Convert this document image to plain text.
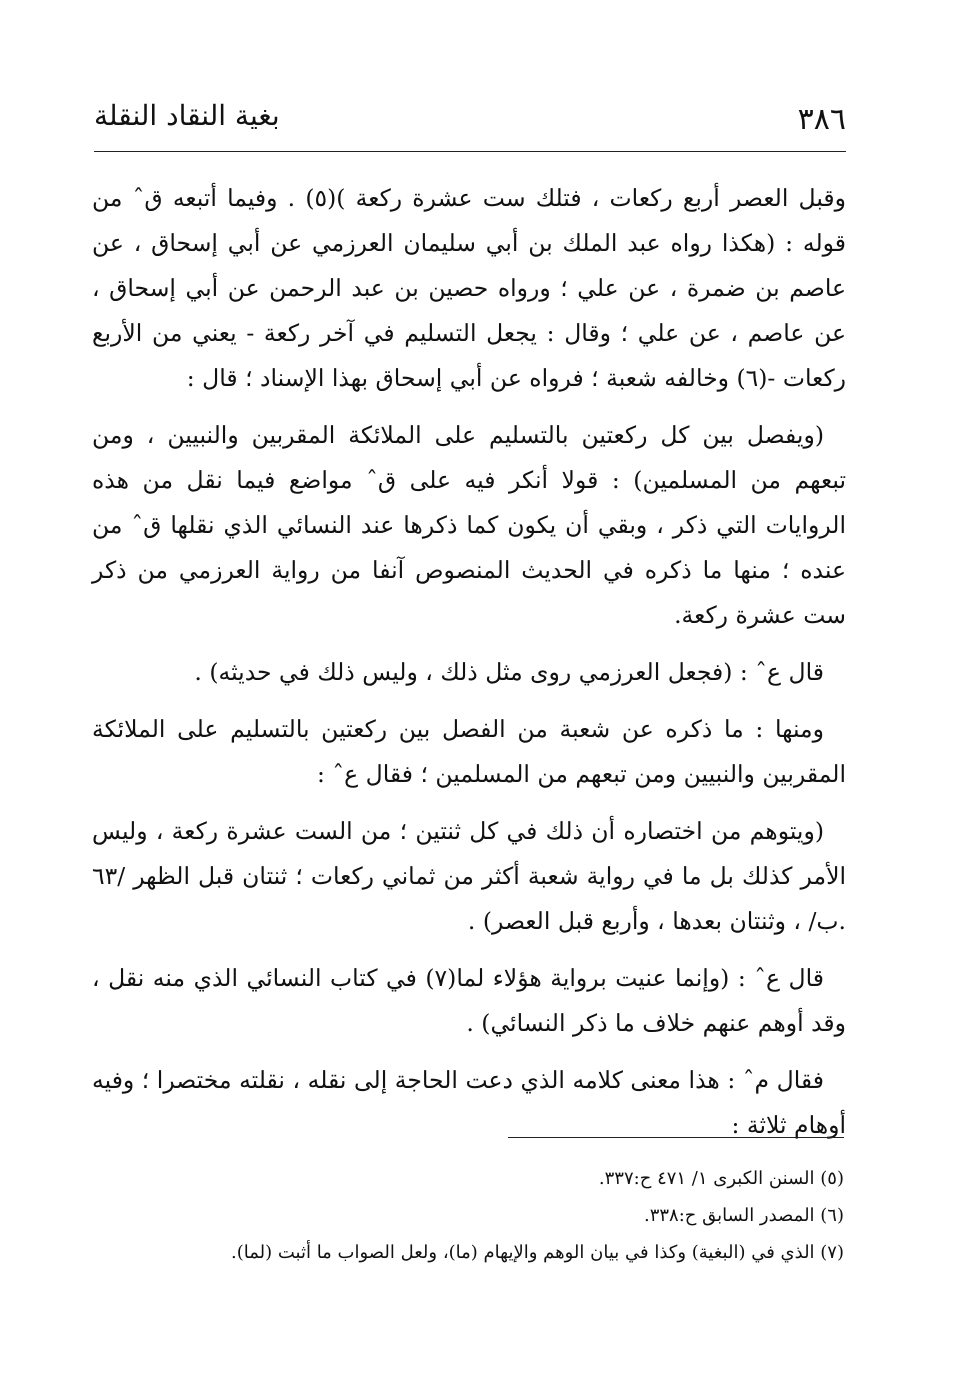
٣٨٦
بغية النقاد النقلة

وقبل العصر أربع ركعات ، فتلك ست عشرة ركعة )(٥) . وفيما أتبعه قˆ من قوله : (هكذا رواه عبد الملك بن أبي سليمان العرزمي عن أبي إسحاق ، عن عاصم بن ضمرة ، عن علي ؛ ورواه حصين بن عبد الرحمن عن أبي إسحاق ، عن عاصم ، عن علي ؛ وقال : يجعل التسليم في آخر ركعة - يعني من الأربع ركعات -(٦) وخالفه شعبة ؛ فرواه عن أبي إسحاق بهذا الإسناد ؛ قال :

(ويفصل بين كل ركعتين بالتسليم على الملائكة المقربين والنبيين ، ومن تبعهم من المسلمين) : قولا أنكر فيه على قˆ مواضع فيما نقل من هذه الروايات التي ذكر ، وبقي أن يكون كما ذكرها عند النسائي الذي نقلها قˆ من عنده ؛ منها ما ذكره في الحديث المنصوص آنفا من رواية العرزمي من ذكر ست عشرة ركعة.

قال عˆ : (فجعل العرزمي روى مثل ذلك ، وليس ذلك في حديثه) .

ومنها : ما ذكره عن شعبة من الفصل بين ركعتين بالتسليم على الملائكة المقربين والنبيين ومن تبعهم من المسلمين ؛ فقال عˆ :

(ويتوهم من اختصاره أن ذلك في كل ثنتين ؛ من الست عشرة ركعة ، وليس الأمر كذلك بل ما في رواية شعبة أكثر من ثماني ركعات ؛ ثنتان قبل الظهر /٦٣ .ب/ ، وثنتان بعدها ، وأربع قبل العصر) .

قال عˆ : (وإنما عنيت برواية هؤلاء لما(٧) في كتاب النسائي الذي منه نقل ، وقد أوهم عنهم خلاف ما ذكر النسائي) .

فقال مˆ : هذا معنى كلامه الذي دعت الحاجة إلى نقله ، نقلته مختصرا ؛ وفيه أوهام ثلاثة :

(٥) السنن الكبرى ١/ ٤٧١ ح:٣٣٧.

(٦) المصدر السابق ح:٣٣٨.

(٧) الذي في (البغية) وكذا في بيان الوهم والإيهام (ما)، ولعل الصواب ما أثبت (لما).
